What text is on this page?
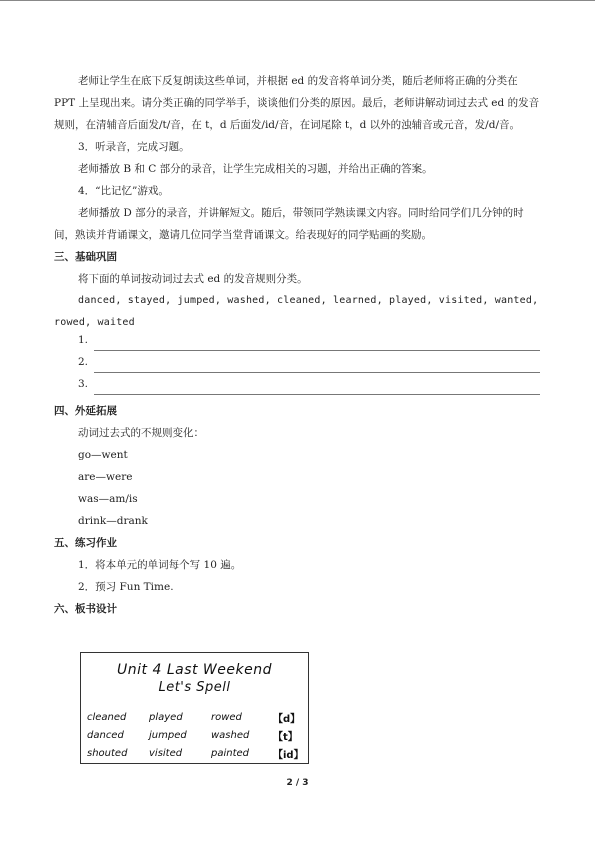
老师让学生在底下反复朗读这些单词，并根据 ed 的发音将单词分类，随后老师将正确的分类在 PPT 上呈现出来。请分类正确的同学举手，谈谈他们分类的原因。最后，老师讲解动词过去式 ed 的发音规则，在清辅音后面发/t/音，在 t，d 后面发/id/音，在词尾除 t，d 以外的浊辅音或元音，发/d/音。

3．听录音，完成习题。

老师播放 B 和 C 部分的录音，让学生完成相关的习题，并给出正确的答案。

4．“比记忆”游戏。

老师播放 D 部分的录音，并讲解短文。随后，带领同学熟读课文内容。同时给同学们几分钟的时间，熟读并背诵课文，邀请几位同学当堂背诵课文。给表现好的同学贴画的奖励。

三、基础巩固

将下面的单词按动词过去式 ed 的发音规则分类。

danced, stayed, jumped, washed, cleaned, learned, played, visited, wanted,

rowed, waited

1.
2.
3.

四、外延拓展

动词过去式的不规则变化：

go—went

are—were

was—am/is

drink—drank

五、练习作业

1．将本单元的单词每个写 10 遍。

2．预习 Fun Time.

六、板书设计

Unit 4 Last Weekend
Let's Spell
cleaned	played	rowed	【d】
danced	jumped	washed	【t】
shouted	visited	painted	【id】
2 / 3
